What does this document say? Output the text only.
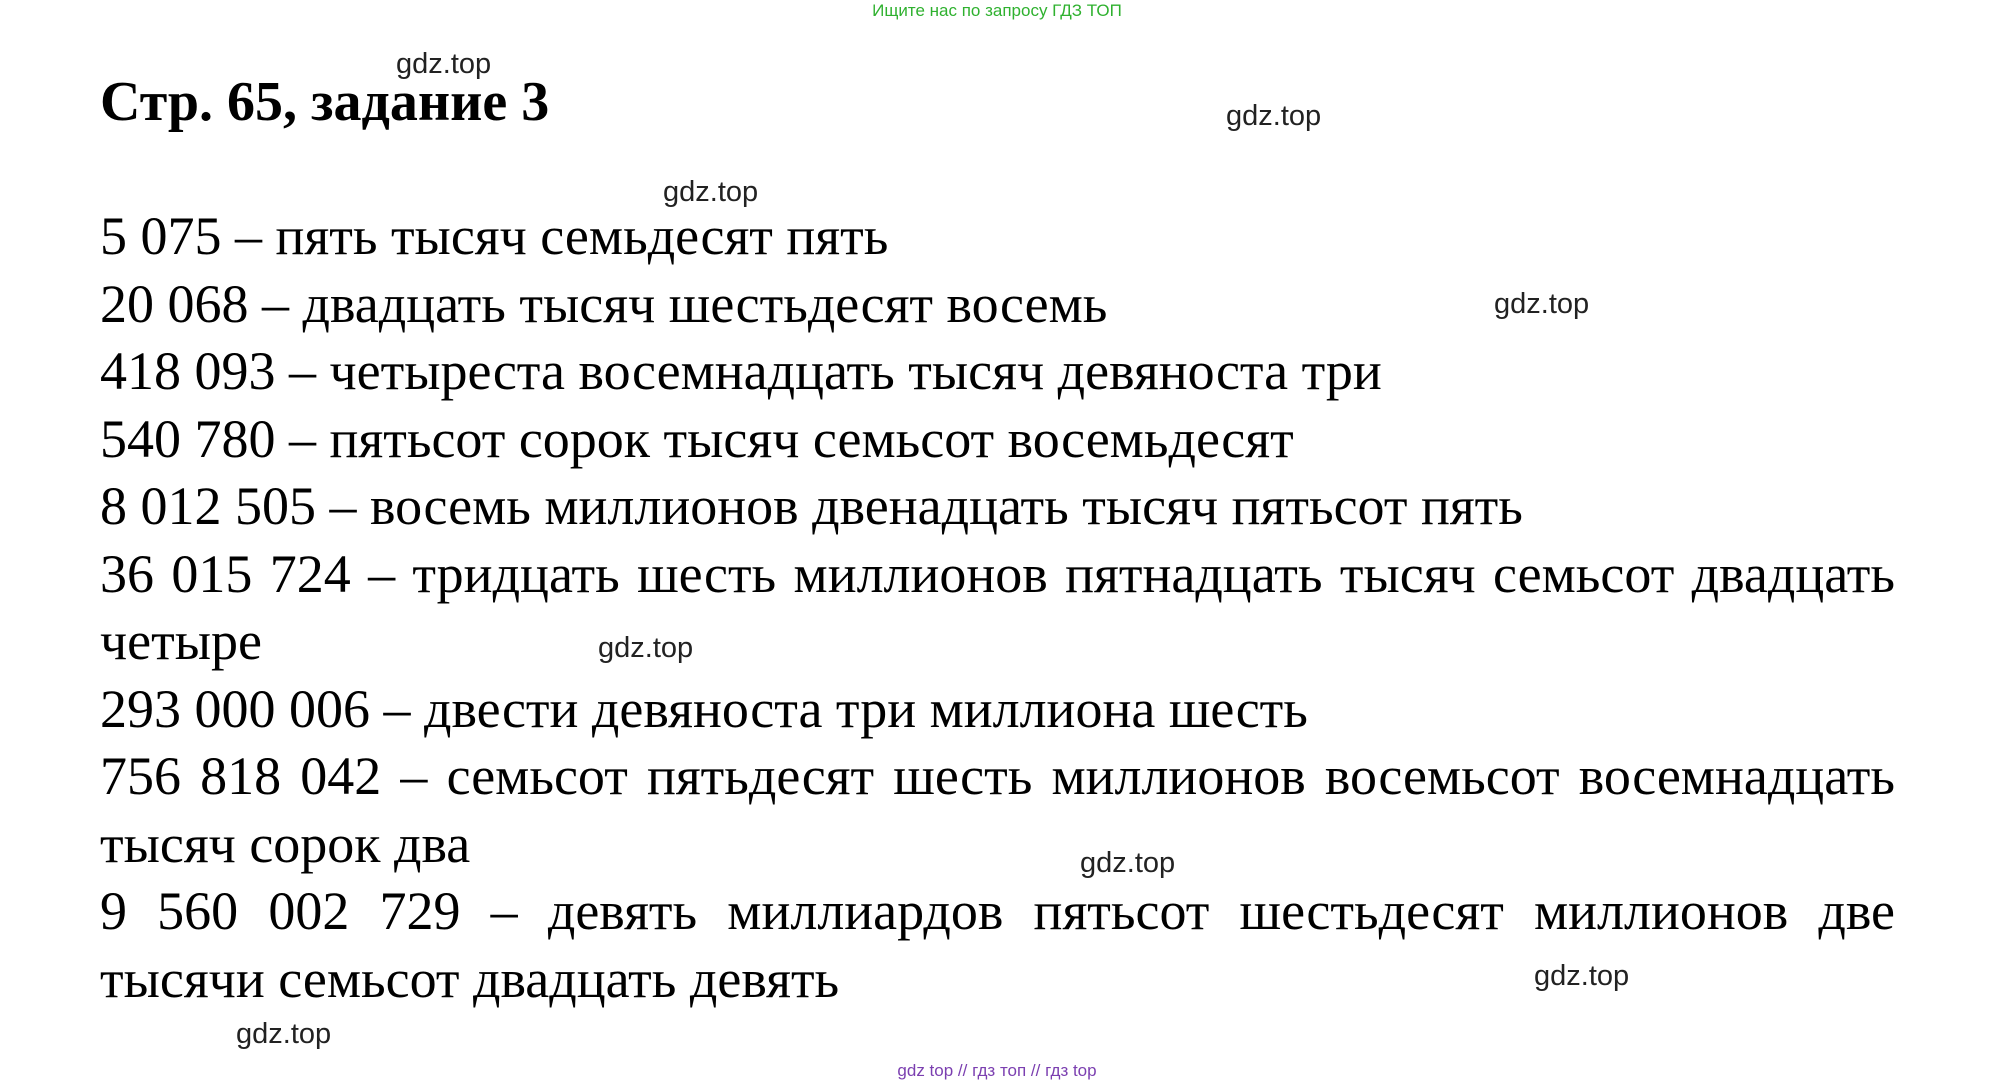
Ищите нас по запросу ГДЗ ТОП
Стр. 65, задание 3
5 075 – пять тысяч семьдесят пять
20 068 – двадцать тысяч шестьдесят восемь
418 093 – четыреста восемнадцать тысяч девяноста три
540 780 – пятьсот сорок тысяч семьсот восемьдесят
8 012 505 – восемь миллионов двенадцать тысяч пятьсот пять
36 015 724 – тридцать шесть миллионов пятнадцать тысяч семьсот двадцать четыре
293 000 006 – двести девяноста три миллиона шесть
756 818 042 – семьсот пятьдесят шесть миллионов восемьсот восемнадцать тысяч сорок два
9 560 002 729 – девять миллиардов пятьсот шестьдесят миллионов две тысячи семьсот двадцать девять
gdz.top
gdz.top
gdz.top
gdz.top
gdz.top
gdz.top
gdz.top
gdz.top
gdz top // гдз топ // гдз top
